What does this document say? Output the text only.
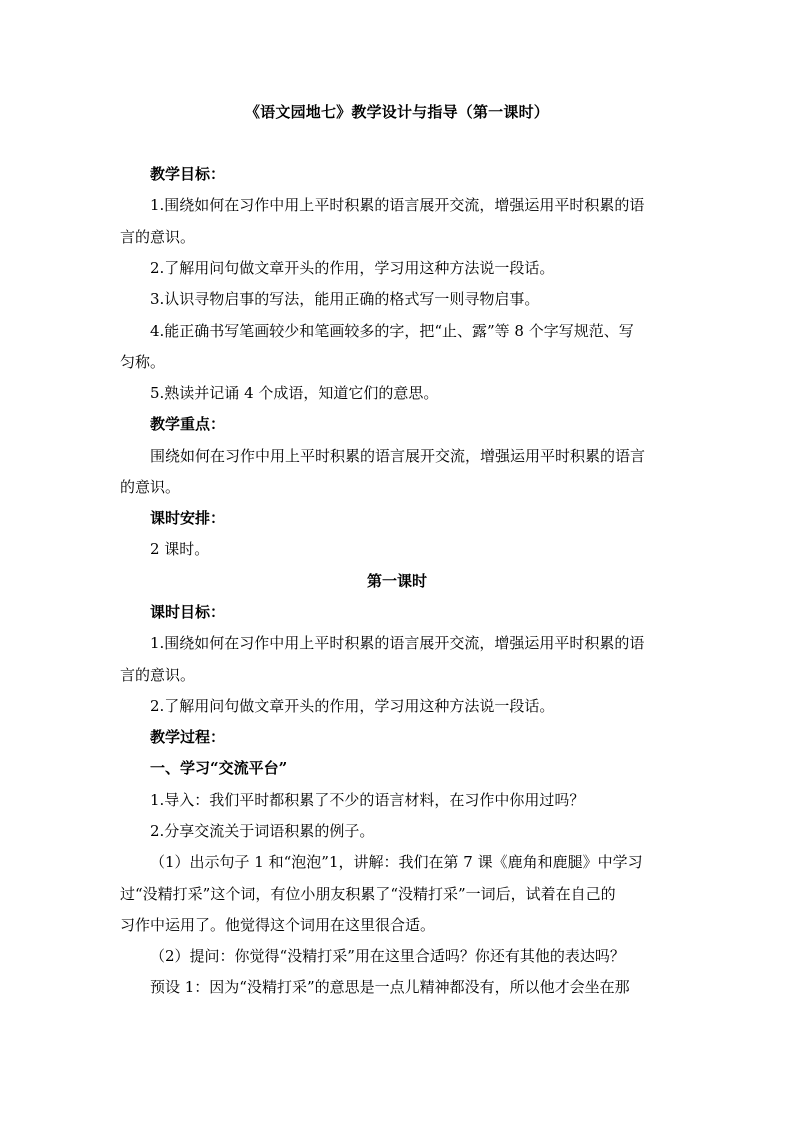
《语文园地七》教学设计与指导（第一课时）
教学目标：
1.围绕如何在习作中用上平时积累的语言展开交流，增强运用平时积累的语
言的意识。
2.了解用问句做文章开头的作用，学习用这种方法说一段话。
3.认识寻物启事的写法，能用正确的格式写一则寻物启事。
4.能正确书写笔画较少和笔画较多的字，把“止、露”等 8 个字写规范、写
匀称。
5.熟读并记诵 4 个成语，知道它们的意思。
教学重点：
围绕如何在习作中用上平时积累的语言展开交流，增强运用平时积累的语言
的意识。
课时安排：
2 课时。
第一课时
课时目标：
1.围绕如何在习作中用上平时积累的语言展开交流，增强运用平时积累的语
言的意识。
2.了解用问句做文章开头的作用，学习用这种方法说一段话。
教学过程：
一、学习“交流平台”
1.导入：我们平时都积累了不少的语言材料，在习作中你用过吗？
2.分享交流关于词语积累的例子。
（1）出示句子 1 和“泡泡”1，讲解：我们在第 7 课《鹿角和鹿腿》中学习
过“没精打采”这个词，有位小朋友积累了“没精打采”一词后，试着在自己的
习作中运用了。他觉得这个词用在这里很合适。
（2）提问：你觉得“没精打采”用在这里合适吗？你还有其他的表达吗？
预设 1：因为“没精打采”的意思是一点儿精神都没有，所以他才会坐在那
